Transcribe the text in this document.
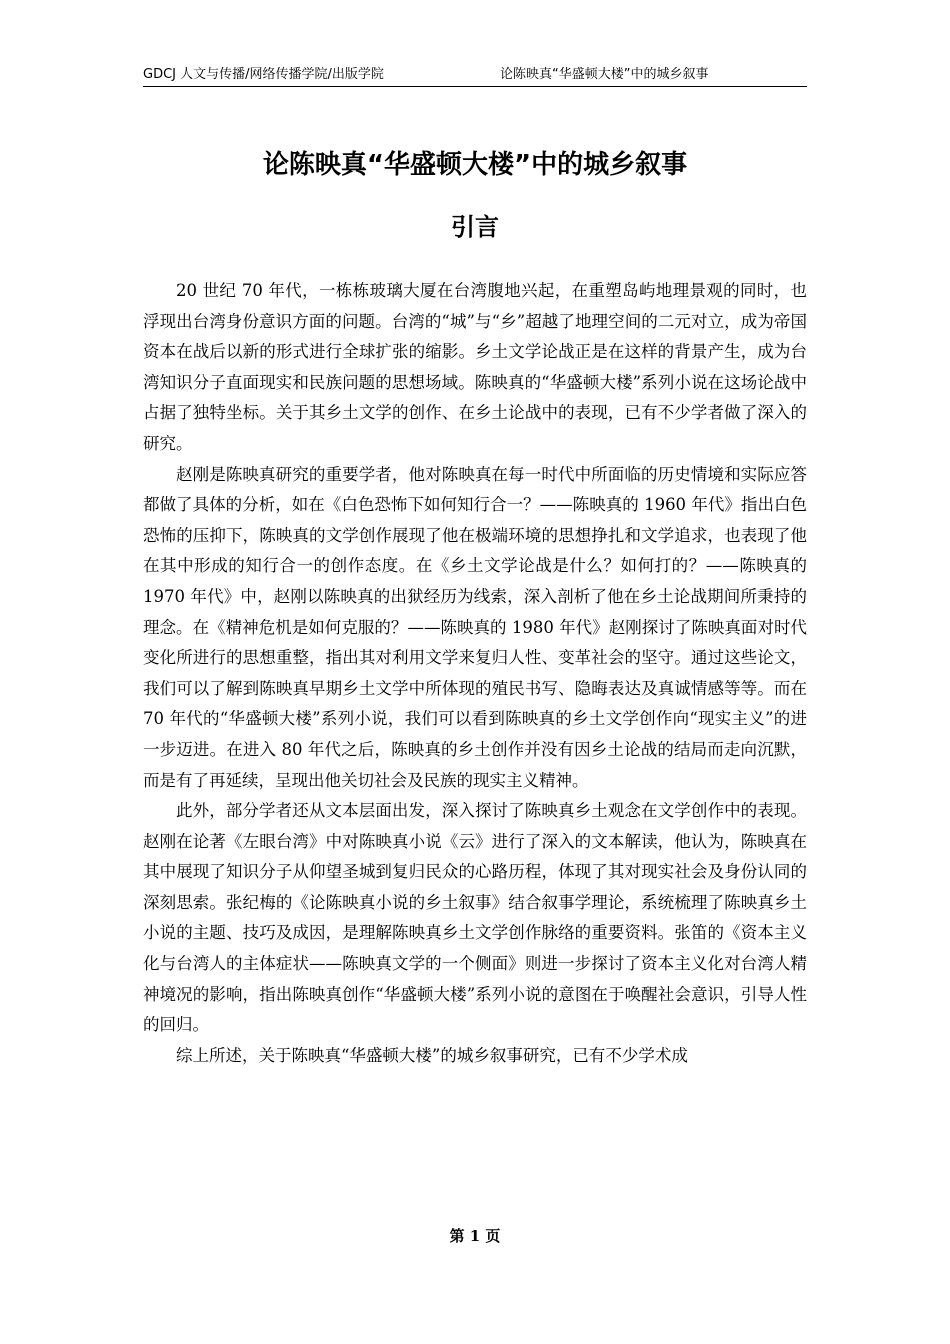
GDCJ 人文与传播/网络传播学院/出版学院	论陈映真“华盛顿大楼”中的城乡叙事
论陈映真“华盛顿大楼”中的城乡叙事
引言

20 世纪 70 年代，一栋栋玻璃大厦在台湾腹地兴起，在重塑岛屿地理景观的同时，也浮现出台湾身份意识方面的问题。台湾的“城”与“乡”超越了地理空间的二元对立，成为帝国资本在战后以新的形式进行全球扩张的缩影。乡土文学论战正是在这样的背景产生，成为台湾知识分子直面现实和民族问题的思想场域。陈映真的“华盛顿大楼”系列小说在这场论战中占据了独特坐标。关于其乡土文学的创作、在乡土论战中的表现，已有不少学者做了深入的研究。

赵刚是陈映真研究的重要学者，他对陈映真在每一时代中所面临的历史情境和实际应答都做了具体的分析，如在《白色恐怖下如何知行合一？——陈映真的 1960 年代》指出白色恐怖的压抑下，陈映真的文学创作展现了他在极端环境的思想挣扎和文学追求，也表现了他在其中形成的知行合一的创作态度。在《乡土文学论战是什么？如何打的？——陈映真的 1970 年代》中，赵刚以陈映真的出狱经历为线索，深入剖析了他在乡土论战期间所秉持的理念。在《精神危机是如何克服的？——陈映真的 1980 年代》赵刚探讨了陈映真面对时代变化所进行的思想重整，指出其对利用文学来复归人性、变革社会的坚守。通过这些论文，我们可以了解到陈映真早期乡土文学中所体现的殖民书写、隐晦表达及真诚情感等等。而在 70 年代的“华盛顿大楼”系列小说，我们可以看到陈映真的乡土文学创作向“现实主义”的进一步迈进。在进入 80 年代之后，陈映真的乡土创作并没有因乡土论战的结局而走向沉默，而是有了再延续，呈现出他关切社会及民族的现实主义精神。

此外，部分学者还从文本层面出发，深入探讨了陈映真乡土观念在文学创作中的表现。赵刚在论著《左眼台湾》中对陈映真小说《云》进行了深入的文本解读，他认为，陈映真在其中展现了知识分子从仰望圣城到复归民众的心路历程，体现了其对现实社会及身份认同的深刻思索。张纪梅的《论陈映真小说的乡土叙事》结合叙事学理论，系统梳理了陈映真乡土小说的主题、技巧及成因，是理解陈映真乡土文学创作脉络的重要资料。张笛的《资本主义化与台湾人的主体症状——陈映真文学的一个侧面》则进一步探讨了资本主义化对台湾人精神境况的影响，指出陈映真创作“华盛顿大楼”系列小说的意图在于唤醒社会意识，引导人性的回归。

综上所述，关于陈映真“华盛顿大楼”的城乡叙事研究，已有不少学术成

第 1 页
